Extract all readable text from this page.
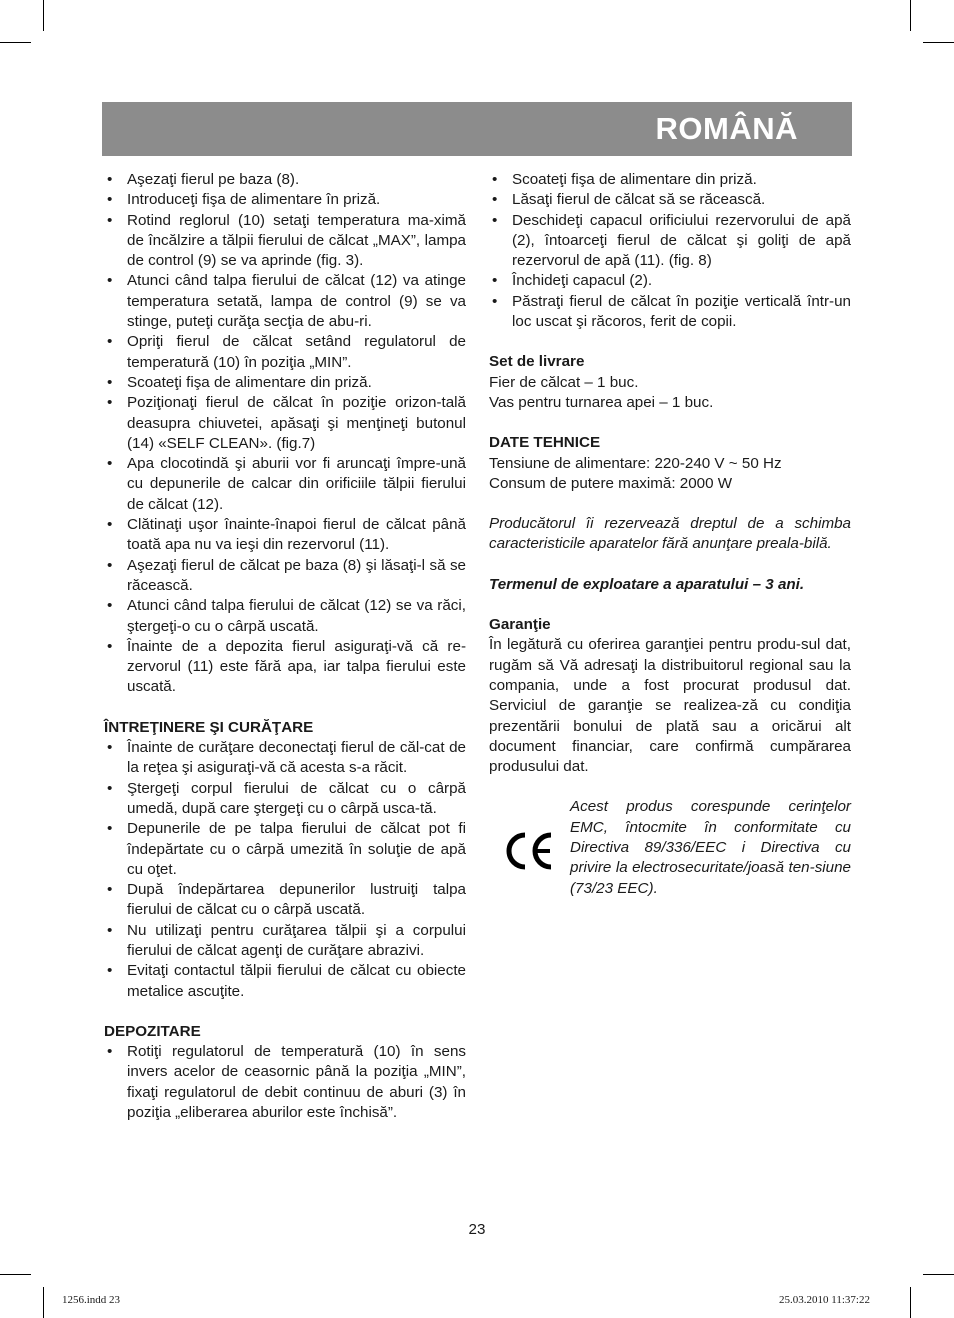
ROMÂNĂ
• Aşezaţi fierul pe baza (8).
• Introduceţi fişa de alimentare în priză.
• Rotind reglorul (10) setaţi temperatura ma-ximă de încălzire a tălpii fierului de călcat „MAX”, lampa de control (9) se va aprinde (fig. 3).
• Atunci când talpa fierului de călcat (12) va atinge temperatura setată, lampa de control (9) se va stinge, puteţi curăţa secţia de abu-ri.
• Opriţi fierul de călcat setând regulatorul de temperatură (10) în poziţia „MIN”.
• Scoateţi fişa de alimentare din priză.
• Poziţionaţi fierul de călcat în poziţie orizon-tală deasupra chiuvetei, apăsaţi şi menţineţi butonul (14) «SELF CLEAN». (fig.7)
• Apa clocotindă şi aburii vor fi aruncaţi împre-ună cu depunerile de calcar din orificiile tălpii fierului de călcat (12).
• Clătinaţi uşor înainte-înapoi fierul de călcat până toată apa nu va ieşi din rezervorul (11).
• Aşezaţi fierul de călcat pe baza (8) şi lăsaţi-l să se răcească.
• Atunci când talpa fierului de călcat (12) se va răci, ştergeţi-o cu o cârpă uscată.
• Înainte de a depozita fierul asiguraţi-vă că re-zervorul (11) este fără apa, iar talpa fierului este uscată.
ÎNTREŢINERE ŞI CURĂŢARE
• Înainte de curăţare deconectaţi fierul de căl-cat de la reţea şi asiguraţi-vă că acesta s-a răcit.
• Ştergeţi corpul fierului de călcat cu o cârpă umedă, după care ştergeţi cu o cârpă usca-tă.
• Depunerile de pe talpa fierului de călcat pot fi îndepărtate cu o cârpă umezită în soluţie de apă cu oţet.
• După îndepărtarea depunerilor lustruiţi talpa fierului de călcat cu o cârpă uscată.
• Nu utilizaţi pentru curăţarea tălpii şi a corpului fierului de călcat agenţi de curăţare abrazivi.
• Evitaţi contactul tălpii fierului de călcat cu obiecte metalice ascuţite.
DEPOZITARE
• Rotiţi regulatorul de temperatură (10) în sens invers acelor de ceasornic până la poziţia „MIN”, fixaţi regulatorul de debit continuu de aburi (3) în poziţia „eliberarea aburilor este închisă”.
• Scoateţi fişa de alimentare din priză.
• Lăsaţi fierul de călcat să se răcească.
• Deschideţi capacul orificiului rezervorului de apă (2), întoarceţi fierul de călcat şi goliţi de apă rezervorul de apă (11). (fig. 8)
• Închideţi capacul (2).
• Păstraţi fierul de călcat în poziţie verticală într-un loc uscat şi răcoros, ferit de copii.
Set de livrare
Fier de călcat – 1 buc.
Vas pentru turnarea apei – 1 buc.
DATE TEHNICE
Tensiune de alimentare: 220-240 V ~ 50 Hz
Consum de putere maximă: 2000 W
Producătorul îi rezervează dreptul de a schimba caracteristicile aparatelor fără anunţare preala-bilă.
Termenul de exploatare a aparatului – 3 ani.
Garanţie
În legătură cu oferirea garanţiei pentru produ-sul dat, rugăm să Vă adresaţi la distribuitorul regional sau la compania, unde a fost procurat produsul dat. Serviciul de garanţie se realizea-ză cu condiţia prezentării bonului de plată sau a oricărui alt document financiar, care confirmă cumpărarea produsului dat.
Acest produs corespunde cerinţelor EMC, întocmite în conformitate cu Directiva 89/336/EEC i Directiva cu privire la electrosecuritate/joasă ten-siune (73/23 EEC).
23
1256.indd 23	25.03.2010 11:37:22
